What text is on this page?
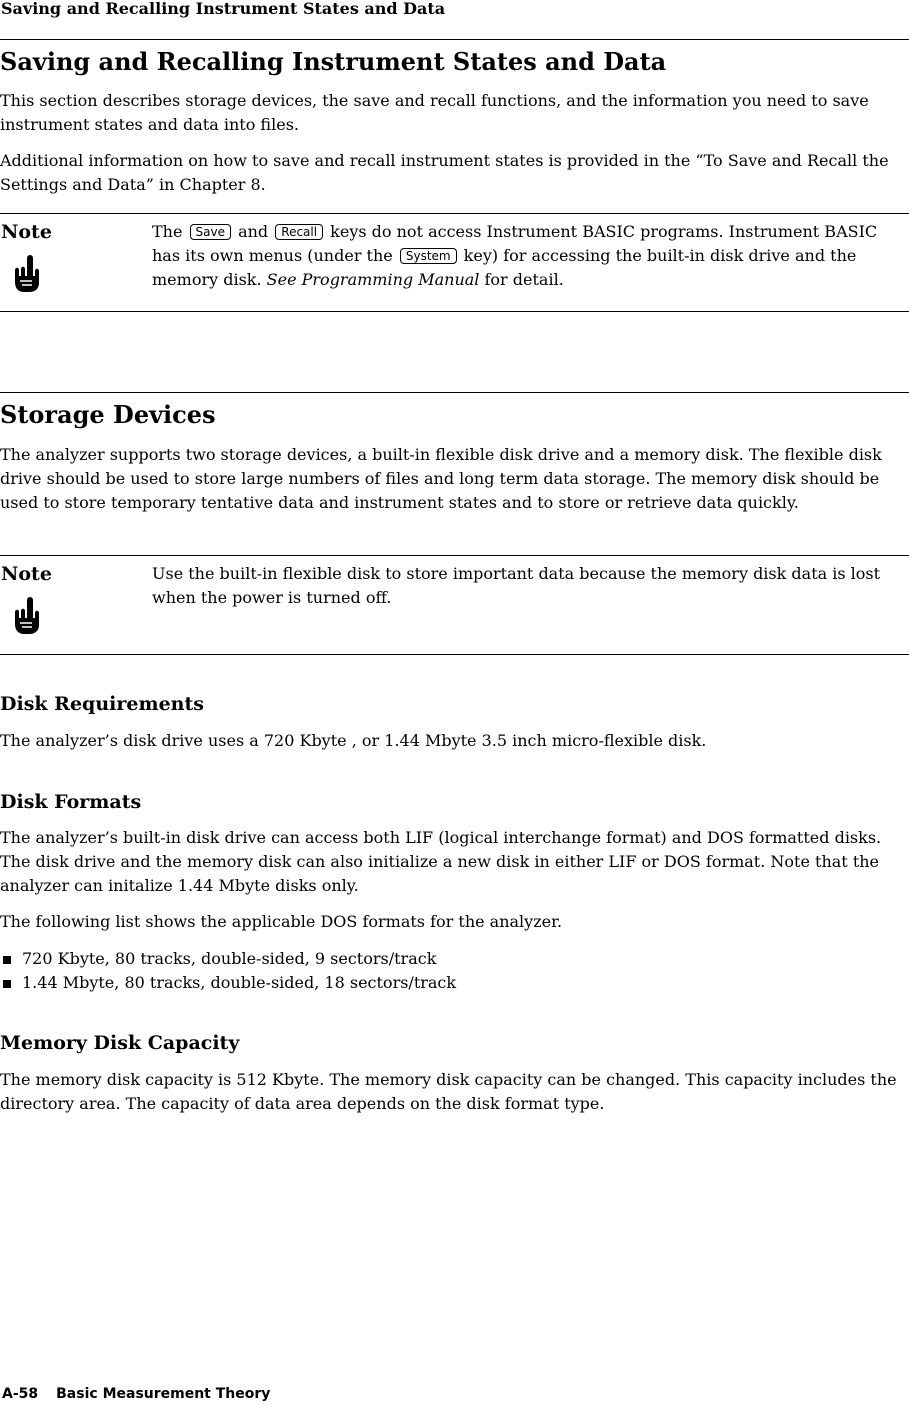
Saving and Recalling Instrument States and Data
Saving and Recalling Instrument States and Data

This section describes storage devices, the save and recall functions, and the information you need to save instrument states and data into files.

Additional information on how to save and recall instrument states is provided in the “To Save and Recall the Settings and Data” in Chapter 8.

Note	The Save and Recall keys do not access Instrument BASIC programs. Instrument BASIC has its own menus (under the System key) for accessing the built-in disk drive and the memory disk. See Programming Manual for detail.

Storage Devices

The analyzer supports two storage devices, a built-in flexible disk drive and a memory disk. The flexible disk drive should be used to store large numbers of files and long term data storage. The memory disk should be used to store temporary tentative data and instrument states and to store or retrieve data quickly.

Note	Use the built-in flexible disk to store important data because the memory disk data is lost when the power is turned off.

Disk Requirements

The analyzer’s disk drive uses a 720 Kbyte , or 1.44 Mbyte 3.5 inch micro-flexible disk.

Disk Formats

The analyzer’s built-in disk drive can access both LIF (logical interchange format) and DOS formatted disks. The disk drive and the memory disk can also initialize a new disk in either LIF or DOS format. Note that the analyzer can initalize 1.44 Mbyte disks only.

The following list shows the applicable DOS formats for the analyzer.

720 Kbyte, 80 tracks, double-sided, 9 sectors/track
1.44 Mbyte, 80 tracks, double-sided, 18 sectors/track
Memory Disk Capacity

The memory disk capacity is 512 Kbyte. The memory disk capacity can be changed. This capacity includes the directory area. The capacity of data area depends on the disk format type.

A-58 Basic Measurement Theory
